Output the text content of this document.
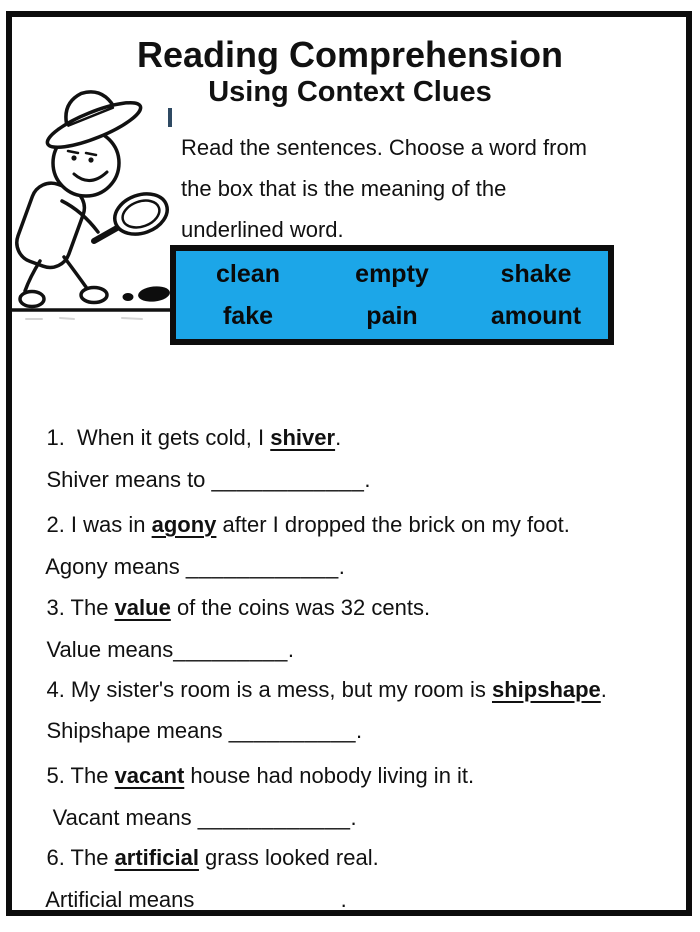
Reading Comprehension
Using Context Clues
Read the sentences. Choose a word from
the box that is the meaning of the
underlined word.
clean	empty	shake
fake	pain	amount

1.  When it gets cold, I shiver.

Shiver means to ____________.

2. I was in agony after I dropped the brick on my foot.

Agony means ____________.

3. The value of the coins was 32 cents.

Value means_________.

4. My sister's room is a mess, but my room is shipshape.

Shipshape means __________.

5. The vacant house had nobody living in it.

Vacant means ____________.

6. The artificial grass looked real.

Artificial means ___________.
